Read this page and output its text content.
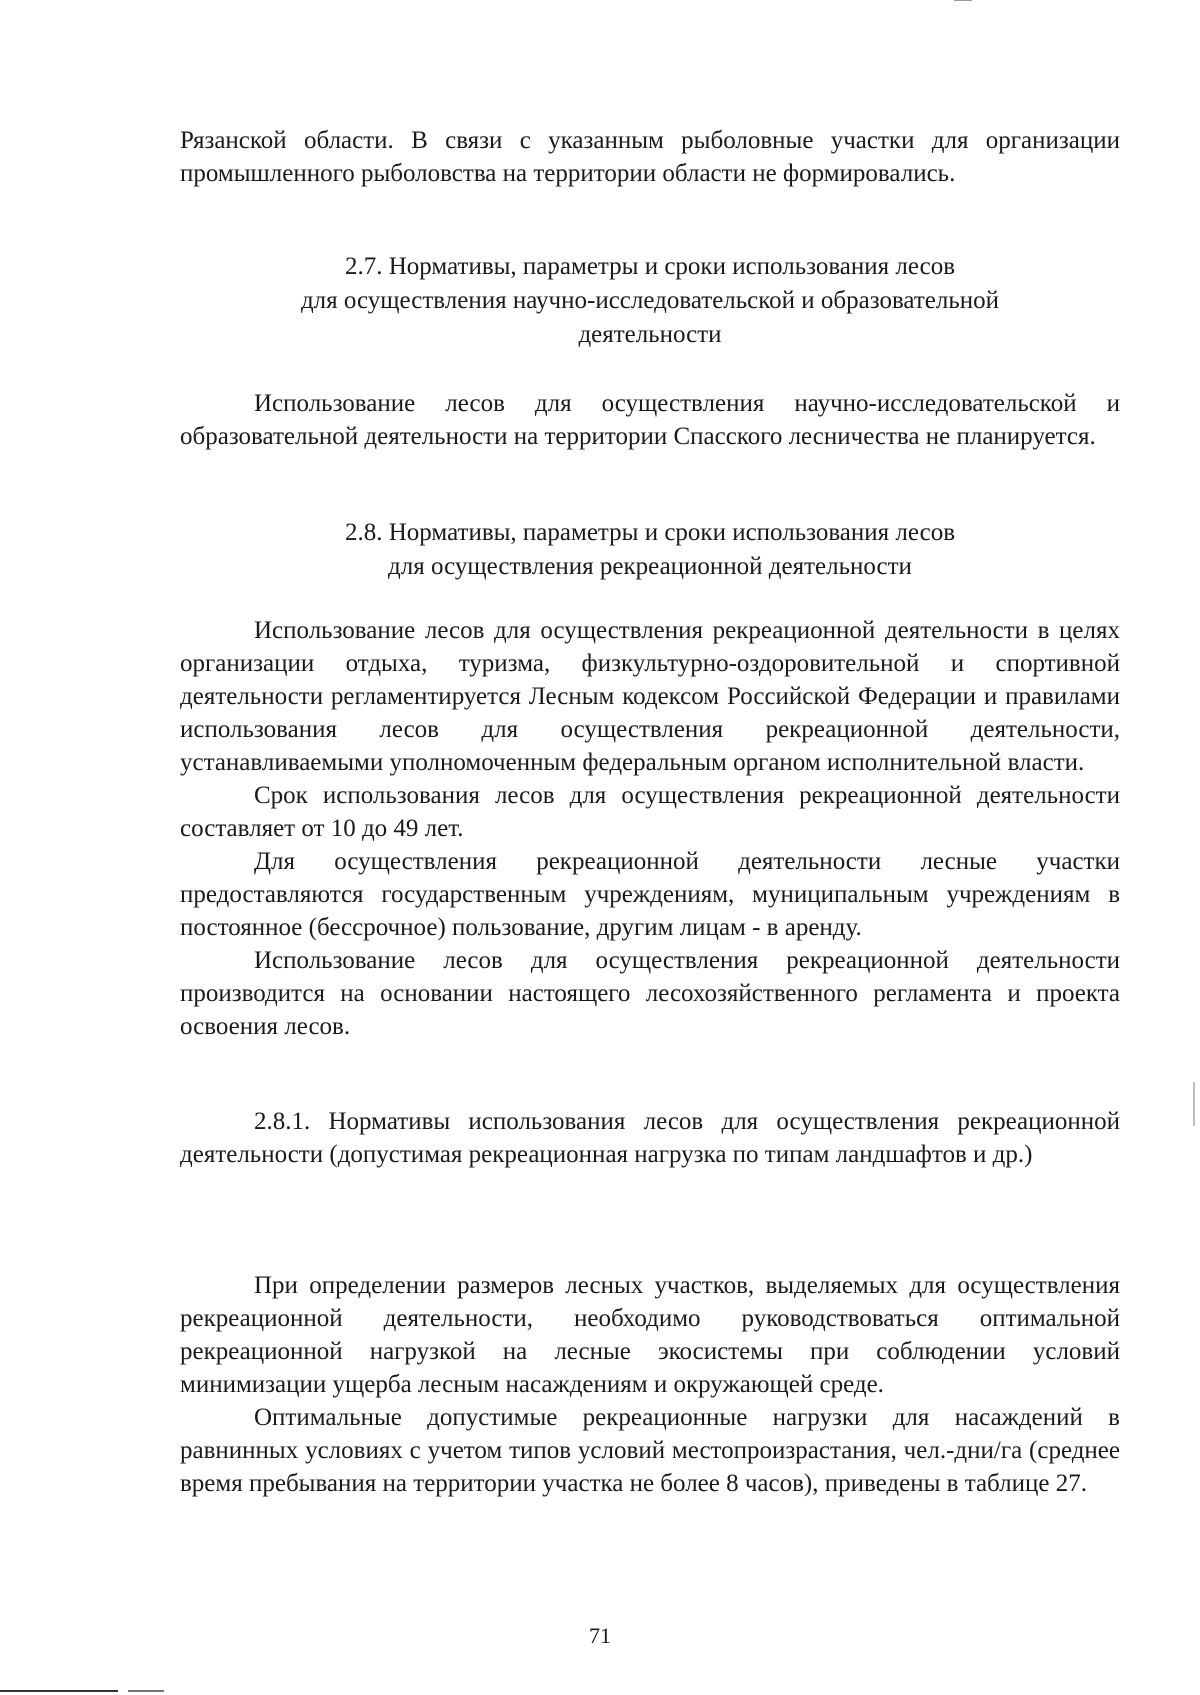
Рязанской области. В связи с указанным рыболовные участки для организации промышленного рыболовства на территории области не формировались.

2.7. Нормативы, параметры и сроки использования лесов
для осуществления научно-исследовательской и образовательной
деятельности

Использование лесов для осуществления научно-исследовательской и образовательной деятельности на территории Спасского лесничества не планируется.

2.8. Нормативы, параметры и сроки использования лесов
для осуществления рекреационной деятельности

Использование лесов для осуществления рекреационной деятельности в целях организации отдыха, туризма, физкультурно-оздоровительной и спортивной деятельности регламентируется Лесным кодексом Российской Федерации и правилами использования лесов для осуществления рекреационной деятельности, устанавливаемыми уполномоченным федеральным органом исполнительной власти.

Срок использования лесов для осуществления рекреационной деятельности составляет от 10 до 49 лет.

Для осуществления рекреационной деятельности лесные участки предоставляются государственным учреждениям, муниципальным учреждениям в постоянное (бессрочное) пользование, другим лицам - в аренду.

Использование лесов для осуществления рекреационной деятельности производится на основании настоящего лесохозяйственного регламента и проекта освоения лесов.

2.8.1. Нормативы использования лесов для осуществления рекреационной деятельности (допустимая рекреационная нагрузка по типам ландшафтов и др.)

При определении размеров лесных участков, выделяемых для осуществления рекреационной деятельности, необходимо руководствоваться оптимальной рекреационной нагрузкой на лесные экосистемы при соблюдении условий минимизации ущерба лесным насаждениям и окружающей среде.

Оптимальные допустимые рекреационные нагрузки для насаждений в равнинных условиях с учетом типов условий местопроизрастания, чел.-дни/га (среднее время пребывания на территории участка не более 8 часов), приведены в таблице 27.

71
